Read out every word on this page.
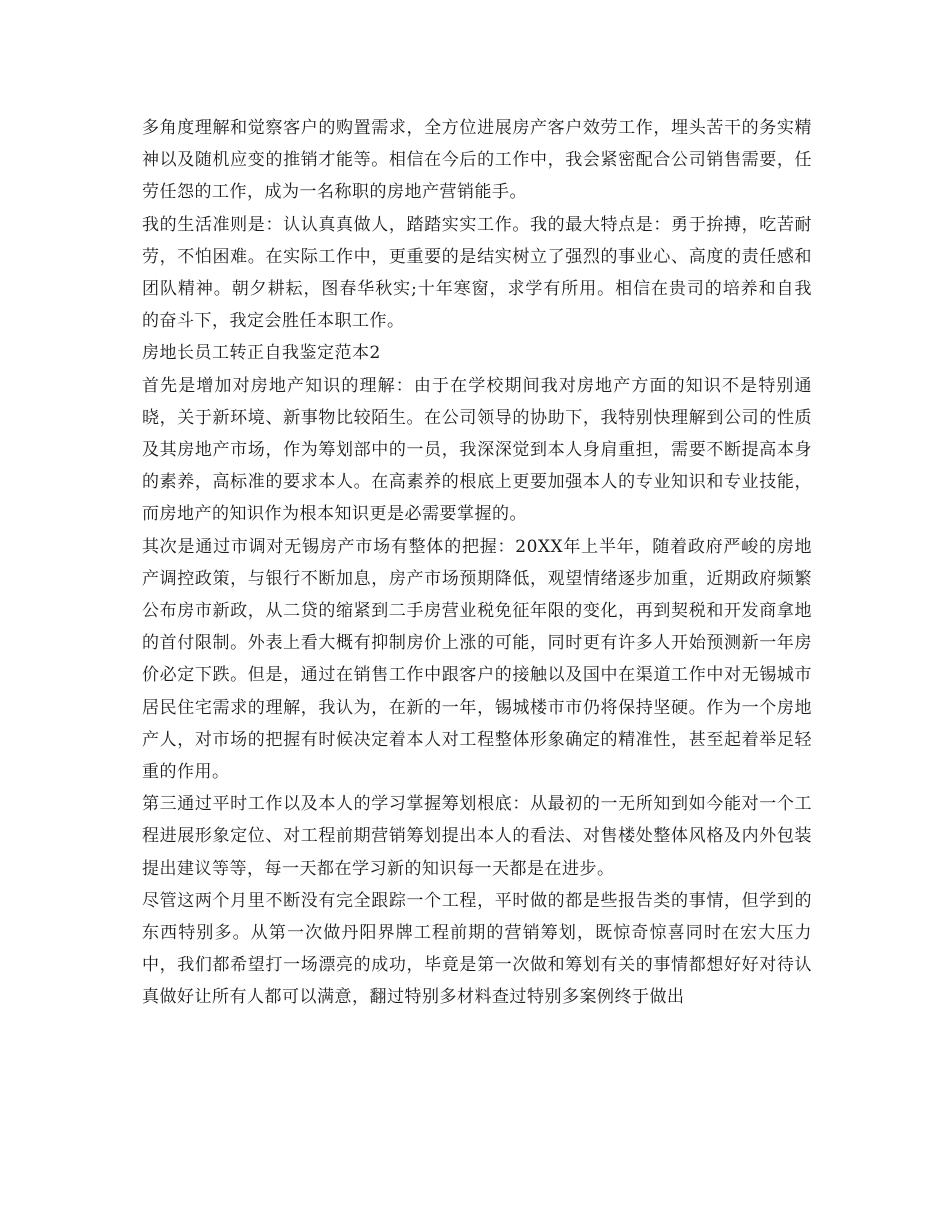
多角度理解和觉察客户的购置需求，全方位进展房产客户效劳工作，埋头苦干的务实精神以及随机应变的推销才能等。相信在今后的工作中，我会紧密配合公司销售需要，任劳任怨的工作，成为一名称职的房地产营销能手。

我的生活准则是：认认真真做人，踏踏实实工作。我的最大特点是：勇于拚搏，吃苦耐劳，不怕困难。在实际工作中，更重要的是结实树立了强烈的事业心、高度的责任感和团队精神。朝夕耕耘，图春华秋实;十年寒窗，求学有所用。相信在贵司的培养和自我的奋斗下，我定会胜任本职工作。

房地长员工转正自我鉴定范本2

首先是增加对房地产知识的理解：由于在学校期间我对房地产方面的知识不是特别通晓，关于新环境、新事物比较陌生。在公司领导的协助下，我特别快理解到公司的性质及其房地产市场，作为筹划部中的一员，我深深觉到本人身肩重担，需要不断提高本身的素养，高标准的要求本人。在高素养的根底上更要加强本人的专业知识和专业技能，而房地产的知识作为根本知识更是必需要掌握的。

其次是通过市调对无锡房产市场有整体的把握：20XX年上半年，随着政府严峻的房地产调控政策，与银行不断加息，房产市场预期降低，观望情绪逐步加重，近期政府频繁公布房市新政，从二贷的缩紧到二手房营业税免征年限的变化，再到契税和开发商拿地的首付限制。外表上看大概有抑制房价上涨的可能，同时更有许多人开始预测新一年房价必定下跌。但是，通过在销售工作中跟客户的接触以及国中在渠道工作中对无锡城市居民住宅需求的理解，我认为，在新的一年，锡城楼市市仍将保持坚硬。作为一个房地产人，对市场的把握有时候决定着本人对工程整体形象确定的精准性，甚至起着举足轻重的作用。

第三通过平时工作以及本人的学习掌握筹划根底：从最初的一无所知到如今能对一个工程进展形象定位、对工程前期营销筹划提出本人的看法、对售楼处整体风格及内外包装提出建议等等，每一天都在学习新的知识每一天都是在进步。

尽管这两个月里不断没有完全跟踪一个工程，平时做的都是些报告类的事情，但学到的东西特别多。从第一次做丹阳界牌工程前期的营销筹划，既惊奇惊喜同时在宏大压力中，我们都希望打一场漂亮的成功，毕竟是第一次做和筹划有关的事情都想好好对待认真做好让所有人都可以满意，翻过特别多材料查过特别多案例终于做出
